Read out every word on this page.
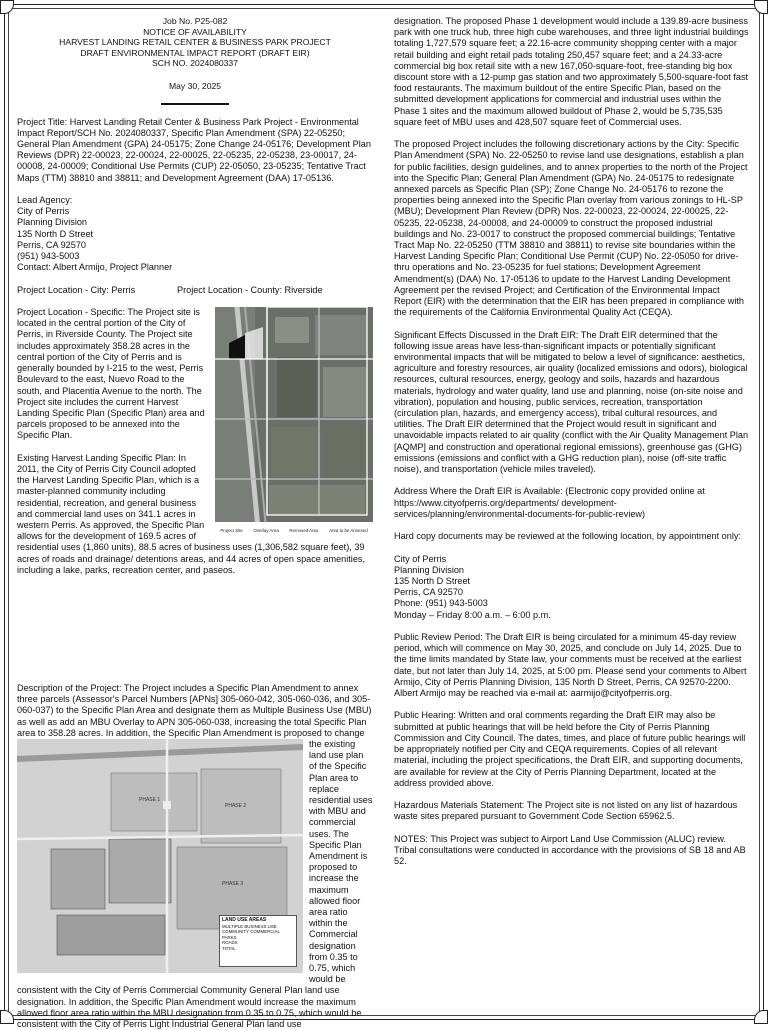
Job No. P25-082
NOTICE OF AVAILABILITY
HARVEST LANDING RETAIL CENTER & BUSINESS PARK PROJECT
DRAFT ENVIRONMENTAL IMPACT REPORT (DRAFT EIR)
SCH NO. 2024080337
May 30, 2025

Project Title: Harvest Landing Retail Center & Business Park Project - Environmental Impact Report/SCH No. 2024080337, Specific Plan Amendment (SPA) 22-05250; General Plan Amendment (GPA) 24-05175; Zone Change 24-05176; Development Plan Reviews (DPR) 22-00023, 22-00024, 22-00025, 22-05235, 22-05238, 23-00017, 24-00008, 24-00009; Conditional Use Permits (CUP) 22-05050, 23-05235; Tentative Tract Maps (TTM) 38810 and 38811; and Development Agreement (DAA) 17-05136.

Lead Agency:
City of Perris
Planning Division
135 North D Street
Perris, CA 92570
(951) 943-5003
Contact: Albert Armijo, Project Planner

Project Location - City: Perris	Project Location - County: Riverside

Project Site Overlay Area Removed Area Area to be Annexed

Project Location - Specific: The Project site is located in the central portion of the City of Perris, in Riverside County. The Project site includes approximately 358.28 acres in the central portion of the City of Perris and is generally bounded by I-215 to the west, Perris Boulevard to the east, Nuevo Road to the south, and Placentia Avenue to the north. The Project site includes the current Harvest Landing Specific Plan (Specific Plan) area and parcels proposed to be annexed into the Specific Plan.

Existing Harvest Landing Specific Plan: In 2011, the City of Perris City Council adopted the Harvest Landing Specific Plan, which is a master-planned community including residential, recreation, and general business and commercial land uses on 341.1 acres in western Perris. As approved, the Specific Plan allows for the development of 169.5 acres of residential uses (1,860 units), 88.5 acres of business uses (1,306,582 square feet), 39 acres of roads and drainage/ detentions areas, and 44 acres of open space amenities, including a lake, parks, recreation center, and paseos.

Description of the Project: The Project includes a Specific Plan Amendment to annex three parcels (Assessor's Parcel Numbers [APNs] 305-060-042, 305-060-036, and 305-060-037) to the Specific Plan Area and designate them as Multiple Business Use (MBU) as well as add an MBU Overlay to APN 305-060-038, increasing the total Specific Plan area to 358.28 acres. In addition, the Specific Plan Amendment is proposed to change
PHASE 1
PHASE 2
PHASE 3
LAND USE AREAS
MULTIPLE BUSINESS USE
COMMUNITY COMMERCIAL
PARKS
ROADS
TOTAL
the existing land use plan of the Specific Plan area to replace residential uses with MBU and commercial uses. The Specific Plan Amendment is proposed to increase the maximum allowed floor area ratio within the Commercial designation from 0.35 to 0.75, which would be consistent with the City of Perris Commercial Community General Plan land use designation. In addition, the Specific Plan Amendment would increase the maximum allowed floor area ratio within the MBU designation from 0.35 to 0.75, which would be consistent with the City of Perris Light Industrial General Plan land use

designation. The proposed Phase 1 development would include a 139.89-acre business park with one truck hub, three high cube warehouses, and three light industrial buildings totaling 1,727,579 square feet; a 22.16-acre community shopping center with a major retail building and eight retail pads totaling 250,457 square feet; and a 24.33-acre commercial big box retail site with a new 167,050-square-foot, free-standing big box discount store with a 12-pump gas station and two approximately 5,500-square-foot fast food restaurants. The maximum buildout of the entire Specific Plan, based on the submitted development applications for commercial and industrial uses within the Phase 1 sites and the maximum allowed buildout of Phase 2, would be 5,735,535 square feet of MBU uses and 428,507 square feet of Commercial uses.

The proposed Project includes the following discretionary actions by the City: Specific Plan Amendment (SPA) No. 22-05250 to revise land use designations, establish a plan for public facilities, design guidelines, and to annex properties to the north of the Project into the Specific Plan; General Plan Amendment (GPA) No. 24-05175 to redesignate annexed parcels as Specific Plan (SP); Zone Change No. 24-05176 to rezone the properties being annexed into the Specific Plan overlay from various zonings to HL-SP (MBU); Development Plan Review (DPR) Nos. 22-00023, 22-00024, 22-00025, 22-05235, 22-05238, 24-00008, and 24-00009 to construct the proposed industrial buildings and No. 23-0017 to construct the proposed commercial buildings; Tentative Tract Map No. 22-05250 (TTM 38810 and 38811) to revise site boundaries within the Harvest Landing Specific Plan; Conditional Use Permit (CUP) No. 22-05050 for drive-thru operations and No. 23-05235 for fuel stations; Development Agreement Amendment(s) (DAA) No. 17-05136 to update to the Harvest Landing Development Agreement per the revised Project; and Certification of the Environmental Impact Report (EIR) with the determination that the EIR has been prepared in compliance with the requirements of the California Environmental Quality Act (CEQA).

Significant Effects Discussed in the Draft EIR: The Draft EIR determined that the following issue areas have less-than-significant impacts or potentially significant environmental impacts that will be mitigated to below a level of significance: aesthetics, agriculture and forestry resources, air quality (localized emissions and odors), biological resources, cultural resources, energy, geology and soils, hazards and hazardous materials, hydrology and water quality, land use and planning, noise (on-site noise and vibration), population and housing, public services, recreation, transportation (circulation plan, hazards, and emergency access), tribal cultural resources, and utilities. The Draft EIR determined that the Project would result in significant and unavoidable impacts related to air quality (conflict with the Air Quality Management Plan [AQMP] and construction and operational regional emissions), greenhouse gas (GHG) emissions (emissions and conflict with a GHG reduction plan), noise (off-site traffic noise), and transportation (vehicle miles traveled).

Address Where the Draft EIR is Available: (Electronic copy provided online at https://www.cityofperris.org/departments/ development-services/planning/environmental-documents-for-public-review)

Hard copy documents may be reviewed at the following location, by appointment only:

City of Perris
Planning Division
135 North D Street
Perris, CA 92570
Phone: (951) 943-5003
Monday – Friday 8:00 a.m. – 6:00 p.m.

Public Review Period: The Draft EIR is being circulated for a minimum 45-day review period, which will commence on May 30, 2025, and conclude on July 14, 2025. Due to the time limits mandated by State law, your comments must be received at the earliest date, but not later than July 14, 2025, at 5:00 pm. Please send your comments to Albert Armijo, City of Perris Planning Division, 135 North D Street, Perris, CA 92570-2200. Albert Armijo may be reached via e-mail at: aarmijo@cityofperris.org.

Public Hearing: Written and oral comments regarding the Draft EIR may also be submitted at public hearings that will be held before the City of Perris Planning Commission and City Council. The dates, times, and place of future public hearings will be appropriately notified per City and CEQA requirements. Copies of all relevant material, including the project specifications, the Draft EIR, and supporting documents, are available for review at the City of Perris Planning Department, located at the address provided above.

Hazardous Materials Statement: The Project site is not listed on any list of hazardous waste sites prepared pursuant to Government Code Section 65962.5.

NOTES: This Project was subject to Airport Land Use Commission (ALUC) review. Tribal consultations were conducted in accordance with the provisions of SB 18 and AB 52.
